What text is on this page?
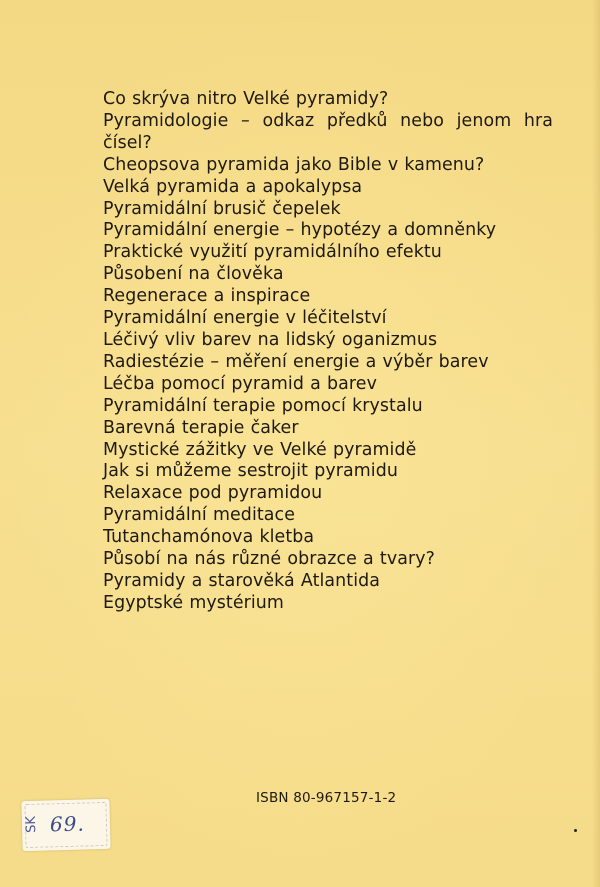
Co skrýva nitro Velké pyramidy?
Pyramidologie – odkaz předků nebo jenom hra čísel?
Cheopsova pyramida jako Bible v kamenu?
Velká pyramida a apokalypsa
Pyramidální brusič čepelek
Pyramidální energie – hypotézy a domněnky
Praktické využití pyramidálního efektu
Působení na člověka
Regenerace a inspirace
Pyramidální energie v léčitelství
Léčivý vliv barev na lidský oganizmus
Radiestézie – měření energie a výběr barev
Léčba pomocí pyramid a barev
Pyramidální terapie pomocí krystalu
Barevná terapie čaker
Mystické zážitky ve Velké pyramidě
Jak si můžeme sestrojit pyramidu
Relaxace pod pyramidou
Pyramidální meditace
Tutanchamónova kletba
Působí na nás různé obrazce a tvary?
Pyramidy a starověká Atlantida
Egyptské mystérium
ISBN 80-967157-1-2
SK 69.
